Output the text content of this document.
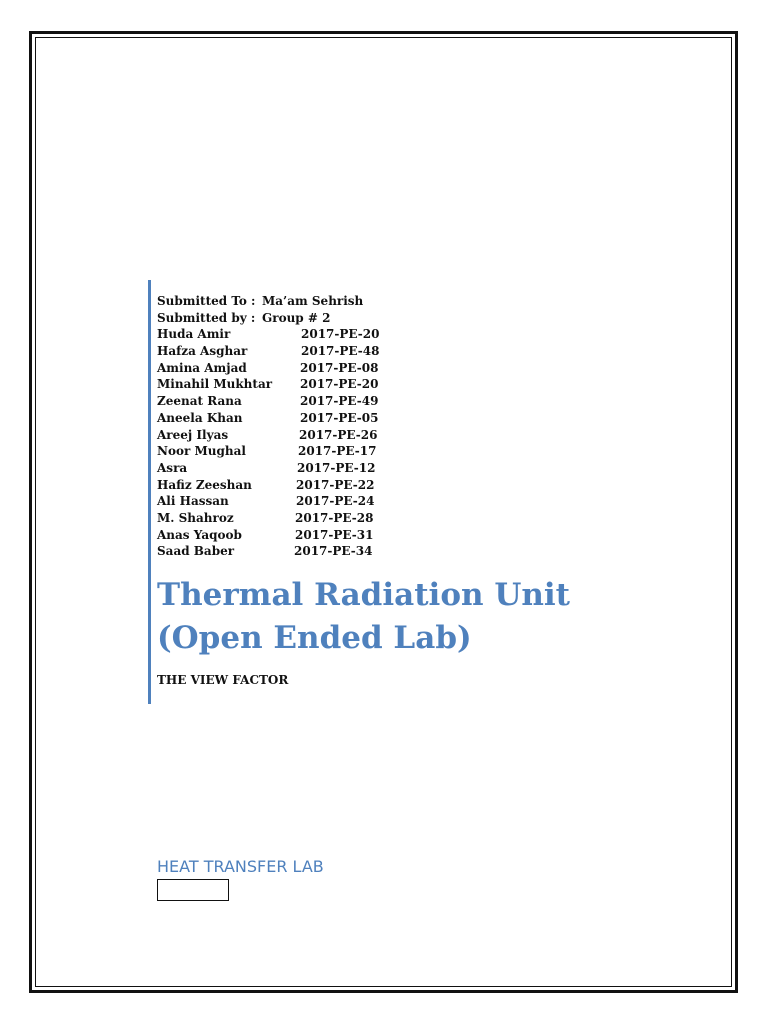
Submitted To : Ma’am Sehrish
Submitted by : Group # 2
Huda Amir	2017-PE-20
Hafza Asghar	2017-PE-48
Amina Amjad	2017-PE-08
Minahil Mukhtar 2017-PE-20
Zeenat Rana	2017-PE-49
Aneela Khan	2017-PE-05
Areej Ilyas	2017-PE-26
Noor Mughal	2017-PE-17
Asra	2017-PE-12
Hafiz Zeeshan	2017-PE-22
Ali Hassan	2017-PE-24
M. Shahroz	2017-PE-28
Anas Yaqoob	2017-PE-31
Saad Baber	2017-PE-34
Thermal Radiation Unit
(Open Ended Lab)
THE VIEW FACTOR
HEAT TRANSFER LAB
